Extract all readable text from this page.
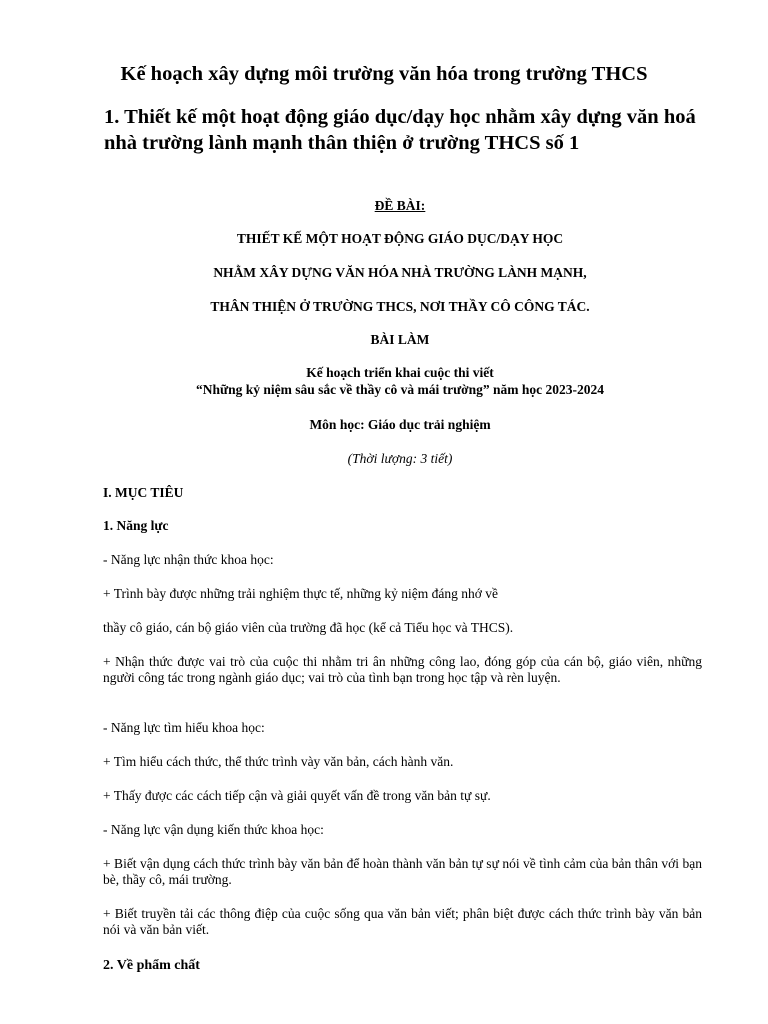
Kế hoạch xây dựng môi trường văn hóa trong trường THCS
1. Thiết kế một hoạt động giáo dục/dạy học nhằm xây dựng văn hoá nhà trường lành mạnh thân thiện ở trường THCS số 1

ĐỀ BÀI:

THIẾT KẾ MỘT HOẠT ĐỘNG GIÁO DỤC/DẠY HỌC

NHẰM XÂY DỰNG VĂN HÓA NHÀ TRƯỜNG LÀNH MẠNH,

THÂN THIỆN Ở TRƯỜNG THCS, NƠI THẦY CÔ CÔNG TÁC.

BÀI LÀM

Kế hoạch triển khai cuộc thi viết

“Những kỷ niệm sâu sắc về thầy cô và mái trường” năm học 2023-2024

Môn học: Giáo dục trải nghiệm

(Thời lượng: 3 tiết)

I. MỤC TIÊU

1. Năng lực

- Năng lực nhận thức khoa học:

+ Trình bày được những trải nghiệm thực tế, những kỷ niệm đáng nhớ về

thầy cô giáo, cán bộ giáo viên của trường đã học (kể cả Tiểu học và THCS).

+ Nhận thức được vai trò của cuộc thi nhằm tri ân những công lao, đóng góp của cán bộ, giáo viên, những người công tác trong ngành giáo dục; vai trò của tình bạn trong học tập và rèn luyện.

- Năng lực tìm hiểu khoa học:

+ Tìm hiểu cách thức, thể thức trình vày văn bản, cách hành văn.

+ Thấy được các cách tiếp cận và giải quyết vấn đề trong văn bản tự sự.

- Năng lực vận dụng kiến thức khoa học:

+ Biết vận dụng cách thức trình bày văn bản để hoàn thành văn bản tự sự nói về tình cảm của bản thân với bạn bè, thầy cô, mái trường.

+ Biết truyền tải các thông điệp của cuộc sống qua văn bản viết; phân biệt được cách thức trình bày văn bản nói và văn bản viết.

2. Về phẩm chất
